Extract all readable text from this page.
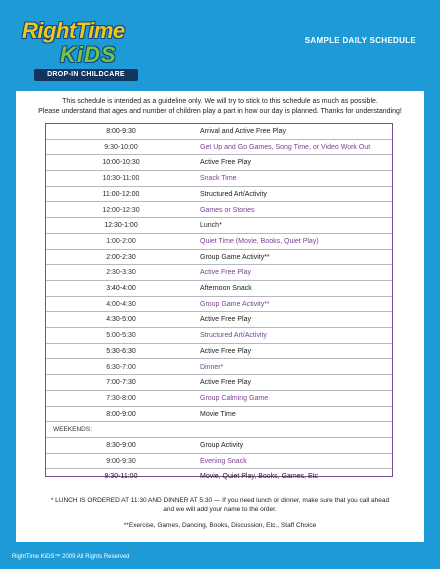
RightTime
KiDS
DROP-IN CHILDCARE
SAMPLE DAILY SCHEDULE
This schedule is intended as a guideline only. We will try to stick to this schedule as much as possible.
Please understand that ages and number of children play a part in how our day is planned. Thanks for understanding!
8:00-9:30	Arrival and Active Free Play
9:30-10:00	Get Up and Go Games, Song Time, or Video Work Out
10:00-10:30	Active Free Play
10:30-11:00	Snack Time
11:00-12:00	Structured Art/Activity
12:00-12:30	Games or Stories
12:30-1:00	Lunch*
1:00-2:00	Quiet Time (Movie, Books, Quiet Play)
2:00-2:30	Group Game Activity**
2:30-3:30	Active Free Play
3:40-4:00	Afternoon Snack
4:00-4:30	Group Game Activity**
4:30-5:00	Active Free Play
5:00-5:30	Structured Art/Activity
5:30-6:30	Active Free Play
6:30-7:00	Dinner*
7:00-7:30	Active Free Play
7:30-8:00	Group Calming Game
8:00-9:00	Movie Time
WEEKENDS:
8:30-9:00	Group Activity
9:00-9:30	Evening Snack
9:30-11:00	Movie, Quiet Play, Books, Games, Etc
* LUNCH IS ORDERED AT 11:30 AND DINNER AT 5:30 — If you need lunch or dinner, make sure that you call ahead
and we will add your name to the order.
**Exercise, Games, Dancing, Books, Discussion, Etc., Staff Choice
RightTime KiDS™ 2009 All Rights Reserved
